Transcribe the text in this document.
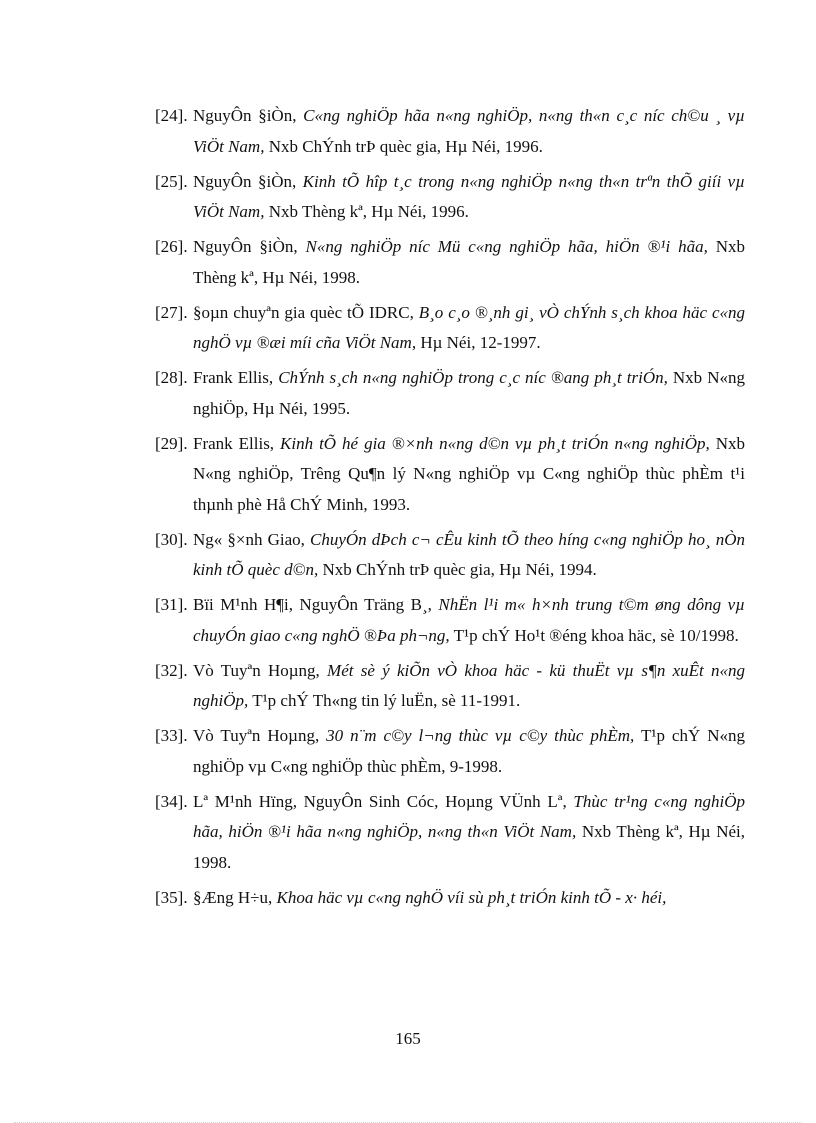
[24]. NguyÔn §iÒn, C«ng nghiÖp hãa n«ng nghiÖp, n«ng th«n c¸c níc ch©u ¸ vµ ViÖt Nam, Nxb ChÝnh trÞ quèc gia, Hµ Néi, 1996.
[25]. NguyÔn §iÒn, Kinh tÕ hîp t¸c trong n«ng nghiÖp n«ng th«n trªn thÕ giíi vµ ViÖt Nam, Nxb Thèng kª, Hµ Néi, 1996.
[26]. NguyÔn §iÒn, N«ng nghiÖp níc Mü c«ng nghiÖp hãa, hiÖn ®¹i hãa, Nxb Thèng kª, Hµ Néi, 1998.
[27]. §oµn chuyªn gia quèc tÕ IDRC, B¸o c¸o ®¸nh gi¸ vÒ chÝnh s¸ch khoa häc c«ng nghÖ vµ ®æi míi cña ViÖt Nam, Hµ Néi, 12-1997.
[28]. Frank Ellis, ChÝnh s¸ch n«ng nghiÖp trong c¸c níc ®ang ph¸t triÓn, Nxb N«ng nghiÖp, Hµ Néi, 1995.
[29]. Frank Ellis, Kinh tÕ hé gia ®×nh n«ng d©n vµ ph¸t triÓn n«ng nghiÖp, Nxb N«ng nghiÖp, Trêng Qu¶n lý N«ng nghiÖp vµ C«ng nghiÖp thùc phÈm t¹i thµnh phè Hå ChÝ Minh, 1993.
[30]. Ng« §×nh Giao, ChuyÓn dÞch c¬ cÊu kinh tÕ theo híng c«ng nghiÖp ho¸ nÒn kinh tÕ quèc d©n, Nxb ChÝnh trÞ quèc gia, Hµ Néi, 1994.
[31]. Bïi M¹nh H¶i, NguyÔn Träng B¸, NhËn l¹i m« h×nh trung t©m øng dông vµ chuyÓn giao c«ng nghÖ ®Þa ph¬ng, T¹p chÝ Ho¹t ®éng khoa häc, sè 10/1998.
[32]. Vò Tuyªn Hoµng, Mét sè ý kiÕn vÒ khoa häc - kü thuËt vµ s¶n xuÊt n«ng nghiÖp, T¹p chÝ Th«ng tin lý luËn, sè 11-1991.
[33]. Vò Tuyªn Hoµng, 30 n¨m c©y l¬ng thùc vµ c©y thùc phÈm, T¹p chÝ N«ng nghiÖp vµ C«ng nghiÖp thùc phÈm, 9-1998.
[34]. Lª M¹nh Hïng, NguyÔn Sinh Cóc, Hoµng VÜnh Lª, Thùc tr¹ng c«ng nghiÖp hãa, hiÖn ®¹i hãa n«ng nghiÖp, n«ng th«n ViÖt Nam, Nxb Thèng kª, Hµ Néi, 1998.
[35]. §Æng H÷u, Khoa häc vµ c«ng nghÖ víi sù ph¸t triÓn kinh tÕ - x· héi,
165
